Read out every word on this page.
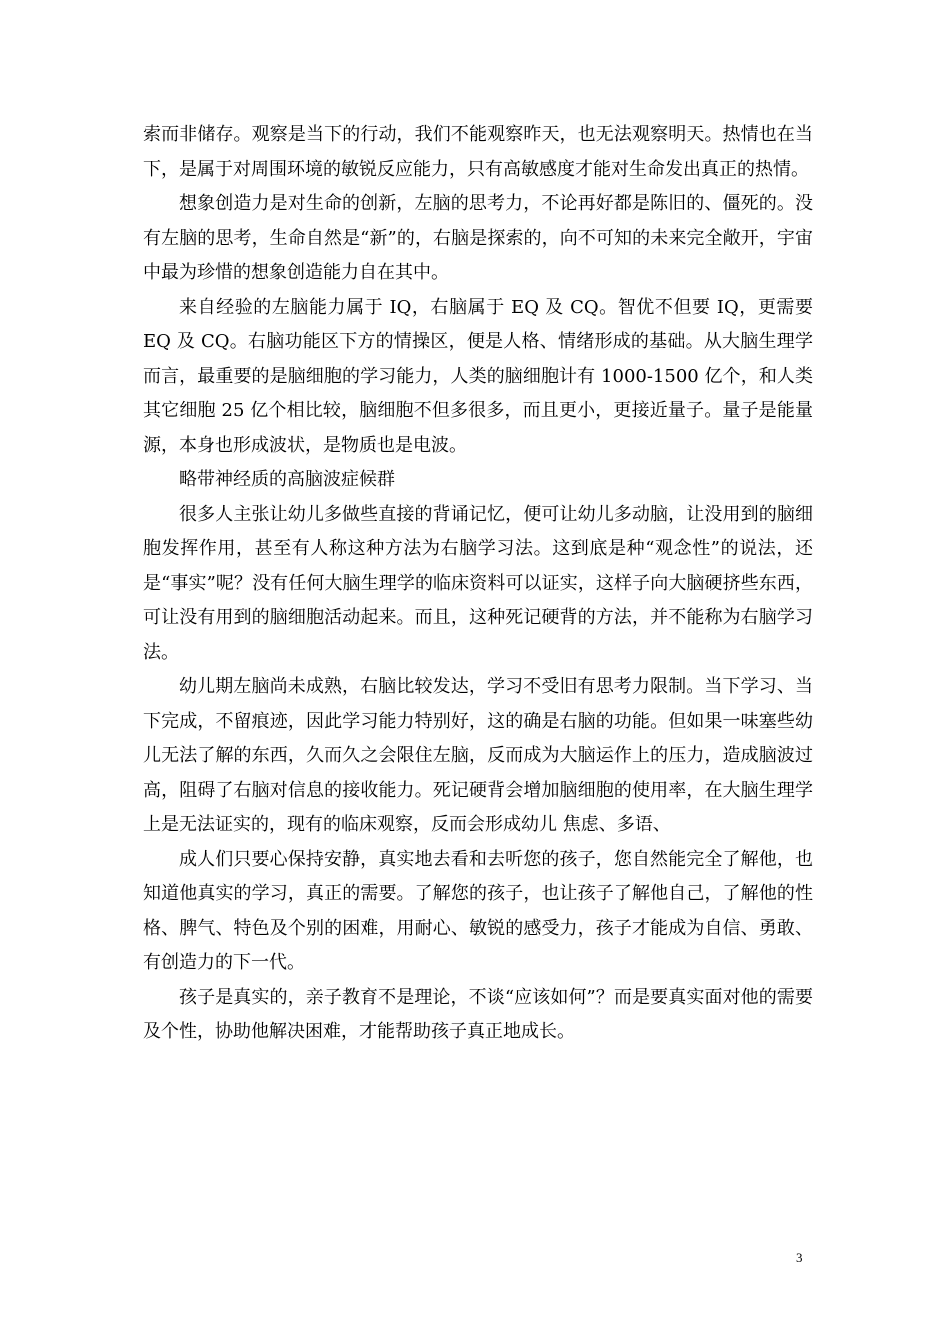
索而非储存。观察是当下的行动，我们不能观察昨天，也无法观察明天。热情也在当下，是属于对周围环境的敏锐反应能力，只有高敏感度才能对生命发出真正的热情。

想象创造力是对生命的创新，左脑的思考力，不论再好都是陈旧的、僵死的。没有左脑的思考，生命自然是“新”的，右脑是探索的，向不可知的未来完全敞开，宇宙中最为珍惜的想象创造能力自在其中。

来自经验的左脑能力属于 IQ，右脑属于 EQ 及 CQ。智优不但要 IQ，更需要 EQ 及 CQ。右脑功能区下方的情操区，便是人格、情绪形成的基础。从大脑生理学而言，最重要的是脑细胞的学习能力，人类的脑细胞计有 1000-1500 亿个，和人类其它细胞 25 亿个相比较，脑细胞不但多很多，而且更小，更接近量子。量子是能量源，本身也形成波状，是物质也是电波。

略带神经质的高脑波症候群

很多人主张让幼儿多做些直接的背诵记忆，便可让幼儿多动脑，让没用到的脑细胞发挥作用，甚至有人称这种方法为右脑学习法。这到底是种“观念性”的说法，还是“事实”呢？没有任何大脑生理学的临床资料可以证实，这样子向大脑硬挤些东西，可让没有用到的脑细胞活动起来。而且，这种死记硬背的方法，并不能称为右脑学习法。

幼儿期左脑尚未成熟，右脑比较发达，学习不受旧有思考力限制。当下学习、当下完成，不留痕迹，因此学习能力特别好，这的确是右脑的功能。但如果一味塞些幼儿无法了解的东西，久而久之会限住左脑，反而成为大脑运作上的压力，造成脑波过高，阻碍了右脑对信息的接收能力。死记硬背会增加脑细胞的使用率，在大脑生理学上是无法证实的，现有的临床观察，反而会形成幼儿 焦虑、多语、

成人们只要心保持安静，真实地去看和去听您的孩子，您自然能完全了解他，也知道他真实的学习，真正的需要。了解您的孩子，也让孩子了解他自己，了解他的性格、脾气、特色及个别的困难，用耐心、敏锐的感受力，孩子才能成为自信、勇敢、有创造力的下一代。

孩子是真实的，亲子教育不是理论，不谈“应该如何”？而是要真实面对他的需要及个性，协助他解决困难，才能帮助孩子真正地成长。

3
